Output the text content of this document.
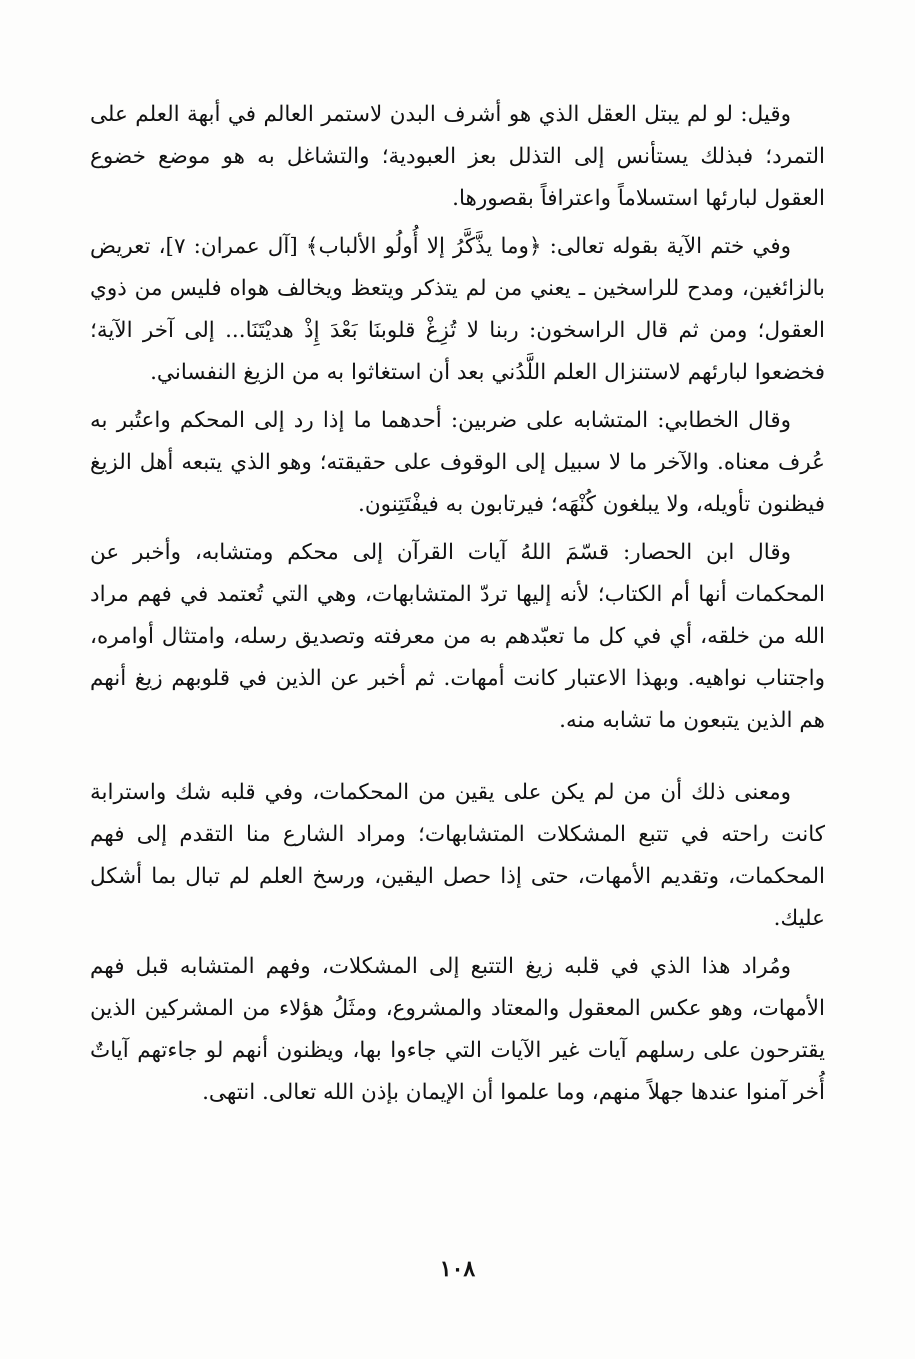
وقيل: لو لم يبتل العقل الذي هو أشرف البدن لاستمر العالم في أبهة العلم على التمرد؛ فبذلك يستأنس إلى التذلل بعز العبودية؛ والتشاغل به هو موضع خضوع العقول لبارئها استسلاماً واعترافاً بقصورها.

وفي ختم الآية بقوله تعالى: ﴿وما يذَّكَّرُ إلا أُولُو الألباب﴾ [آل عمران: ٧]، تعريض بالزائغين، ومدح للراسخين ـ يعني من لم يتذكر ويتعظ ويخالف هواه فليس من ذوي العقول؛ ومن ثم قال الراسخون: ربنا لا تُزِغْ قلوبنَا بَعْدَ إِذْ هديْتَنَا... إلى آخر الآية؛ فخضعوا لبارئهم لاستنزال العلم اللَّدُني بعد أن استغاثوا به من الزيغ النفساني.

وقال الخطابي: المتشابه على ضربين: أحدهما ما إذا رد إلى المحكم واعتُبر به عُرف معناه. والآخر ما لا سبيل إلى الوقوف على حقيقته؛ وهو الذي يتبعه أهل الزيغ فيظنون تأويله، ولا يبلغون كُنْهَه؛ فيرتابون به فيفْتَتِنون.

وقال ابن الحصار: قسّمَ اللهُ آيات القرآن إلى محكم ومتشابه، وأخبر عن المحكمات أنها أم الكتاب؛ لأنه إليها تردّ المتشابهات، وهي التي تُعتمد في فهم مراد الله من خلقه، أي في كل ما تعبّدهم به من معرفته وتصديق رسله، وامتثال أوامره، واجتناب نواهيه. وبهذا الاعتبار كانت أمهات. ثم أخبر عن الذين في قلوبهم زيغ أنهم هم الذين يتبعون ما تشابه منه.

ومعنى ذلك أن من لم يكن على يقين من المحكمات، وفي قلبه شك واسترابة كانت راحته في تتبع المشكلات المتشابهات؛ ومراد الشارع منا التقدم إلى فهم المحكمات، وتقديم الأمهات، حتى إذا حصل اليقين، ورسخ العلم لم تبال بما أشكل عليك.

ومُراد هذا الذي في قلبه زيغ التتبع إلى المشكلات، وفهم المتشابه قبل فهم الأمهات، وهو عكس المعقول والمعتاد والمشروع، ومثَلُ هؤلاء من المشركين الذين يقترحون على رسلهم آيات غير الآيات التي جاءوا بها، ويظنون أنهم لو جاءتهم آياتٌ أُخر آمنوا عندها جهلاً منهم، وما علموا أن الإيمان بإذن الله تعالى. انتهى.

١٠٨
